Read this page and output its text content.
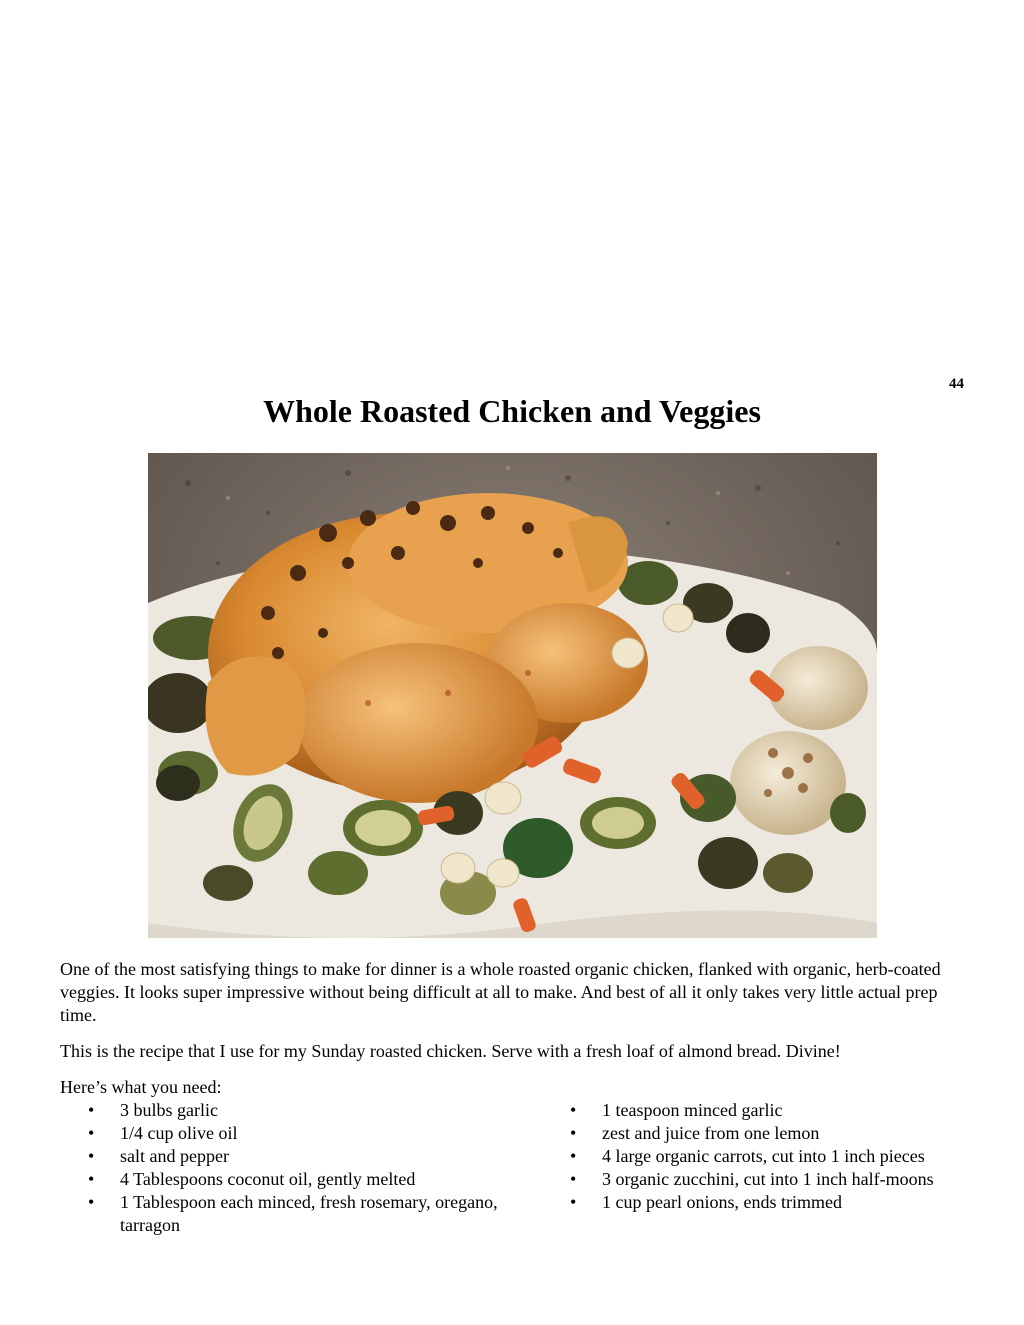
44
Whole Roasted Chicken and Veggies

One of the most satisfying things to make for dinner is a whole roasted organic chicken, flanked with organic, herb-coated veggies. It looks super impressive without being difficult at all to make. And best of all it only takes very little actual prep time.

This is the recipe that I use for my Sunday roasted chicken. Serve with a fresh loaf of almond bread. Divine!

Here’s what you need:

• 3 bulbs garlic
• 1/4 cup olive oil
• salt and pepper
• 4 Tablespoons coconut oil, gently melted
• 1 Tablespoon each minced, fresh rosemary, oregano, tarragon
• 1 teaspoon minced garlic
• zest and juice from one lemon
• 4 large organic carrots, cut into 1 inch pieces
• 3 organic zucchini, cut into 1 inch half-moons
• 1 cup pearl onions, ends trimmed
